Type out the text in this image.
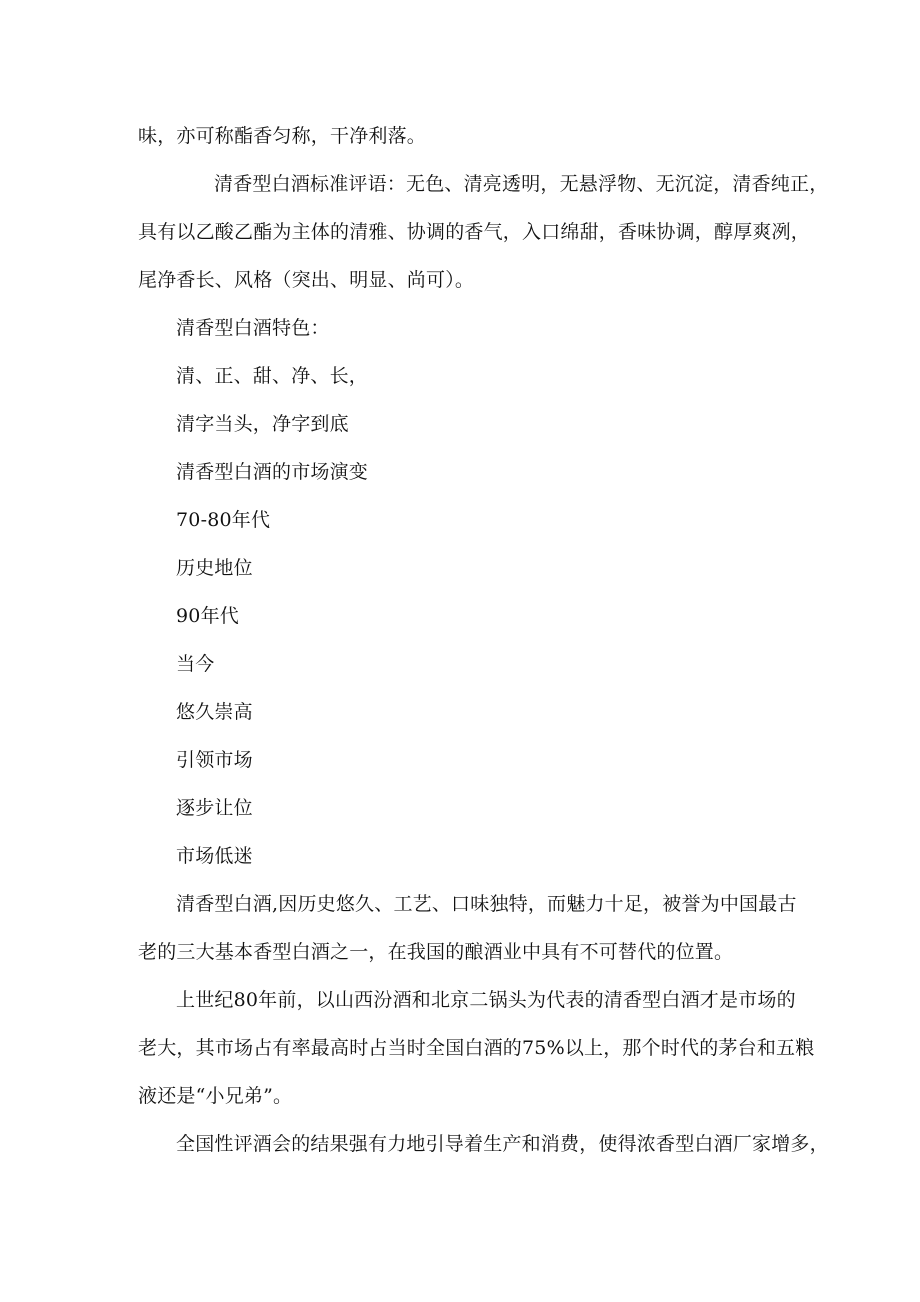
味，亦可称酯香匀称，干净利落。
清香型白酒标准评语：无色、清亮透明，无悬浮物、无沉淀，清香纯正，
具有以乙酸乙酯为主体的清雅、协调的香气，入口绵甜，香味协调，醇厚爽冽，
尾净香长、风格（突出、明显、尚可）。
清香型白酒特色：
清、正、甜、净、长，
清字当头，净字到底
清香型白酒的市场演变
70-80年代
历史地位
90年代
当今
悠久崇高
引领市场
逐步让位
市场低迷
清香型白酒,因历史悠久、工艺、口味独特，而魅力十足，被誉为中国最古
老的三大基本香型白酒之一，在我国的酿酒业中具有不可替代的位置。
上世纪80年前，以山西汾酒和北京二锅头为代表的清香型白酒才是市场的
老大，其市场占有率最高时占当时全国白酒的75%以上，那个时代的茅台和五粮
液还是“小兄弟”。
全国性评酒会的结果强有力地引导着生产和消费，使得浓香型白酒厂家增多，
